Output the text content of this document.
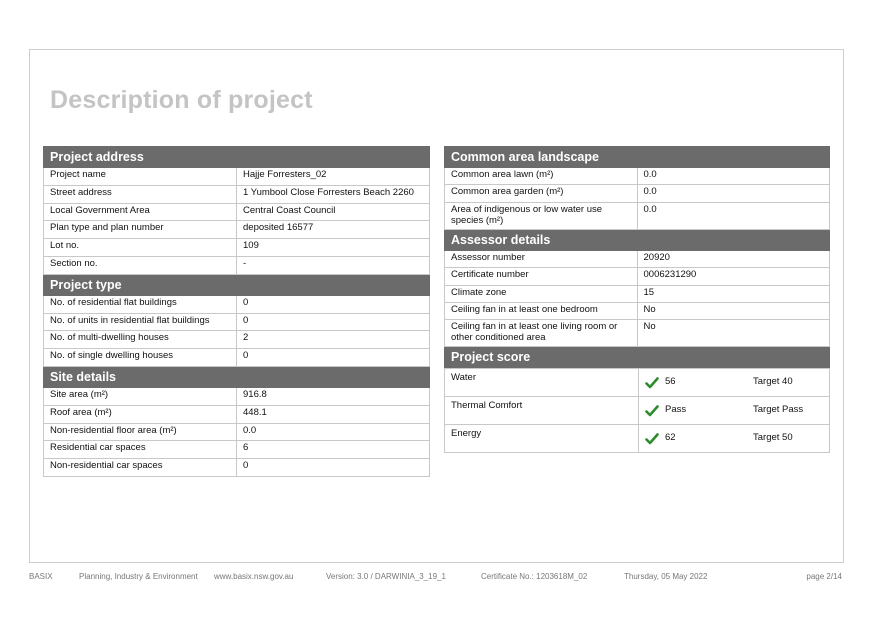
Description of project
Project address	
Project name	Hajje Forresters_02
Street address	1 Yumbool Close Forresters Beach 2260
Local Government Area	Central Coast Council
Plan type and plan number	deposited 16577
Lot no.	109
Section no.	-
Project type	
No. of residential flat buildings	0
No. of units in residential flat buildings	0
No. of multi-dwelling houses	2
No. of single dwelling houses	0
Site details	
Site area (m²)	916.8
Roof area (m²)	448.1
Non-residential floor area (m²)	0.0
Residential car spaces	6
Non-residential car spaces	0
Common area landscape	
Common area lawn (m²)	0.0
Common area garden (m²)	0.0
Area of indigenous or low water use species (m²)	0.0
Assessor details	
Assessor number	20920
Certificate number	0006231290
Climate zone	15
Ceiling fan in at least one bedroom	No
Ceiling fan in at least one living room or other conditioned area	No
Project score	
Water	56 Target 40

Thermal Comfort	Pass Target Pass

Energy	62 Target 50
BASIX	Planning, Industry & Environment www.basix.nsw.gov.au	Version: 3.0 / DARWINIA_3_19_1	Certificate No.: 1203618M_02	Thursday, 05 May 2022	page 2/14
